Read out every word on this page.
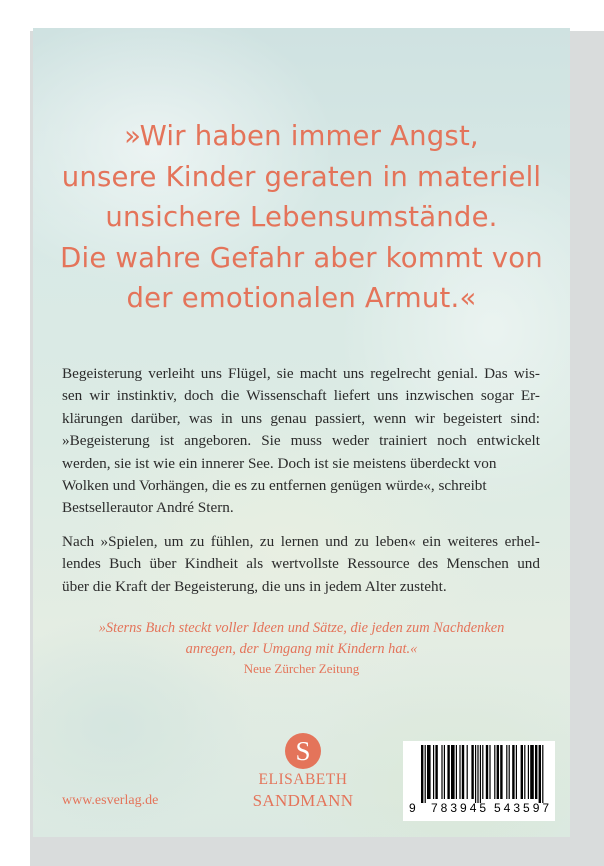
»Wir haben immer Angst,
unsere Kinder geraten in materiell
unsichere Lebensumstände.
Die wahre Gefahr aber kommt von
der emotionalen Armut.«
Begeisterung verleiht uns Flügel, sie macht uns regelrecht genial. Das wis-
sen wir instinktiv, doch die Wissenschaft liefert uns inzwischen sogar Er-
klärungen darüber, was in uns genau passiert, wenn wir begeistert sind:
»Begeisterung ist angeboren. Sie muss weder trainiert noch entwickelt
werden, sie ist wie ein innerer See. Doch ist sie meistens überdeckt von
Wolken und Vorhängen, die es zu entfernen genügen würde«, schreibt
Bestsellerautor André Stern.
Nach »Spielen, um zu fühlen, zu lernen und zu leben« ein weiteres erhel-
lendes Buch über Kindheit als wertvollste Ressource des Menschen und
über die Kraft der Begeisterung, die uns in jedem Alter zusteht.
»Sterns Buch steckt voller Ideen und Sätze, die jeden zum Nachdenken
anregen, der Umgang mit Kindern hat.«
Neue Zürcher Zeitung
S
ELISABETH
SANDMANN
www.esverlag.de	9 783945 543597
